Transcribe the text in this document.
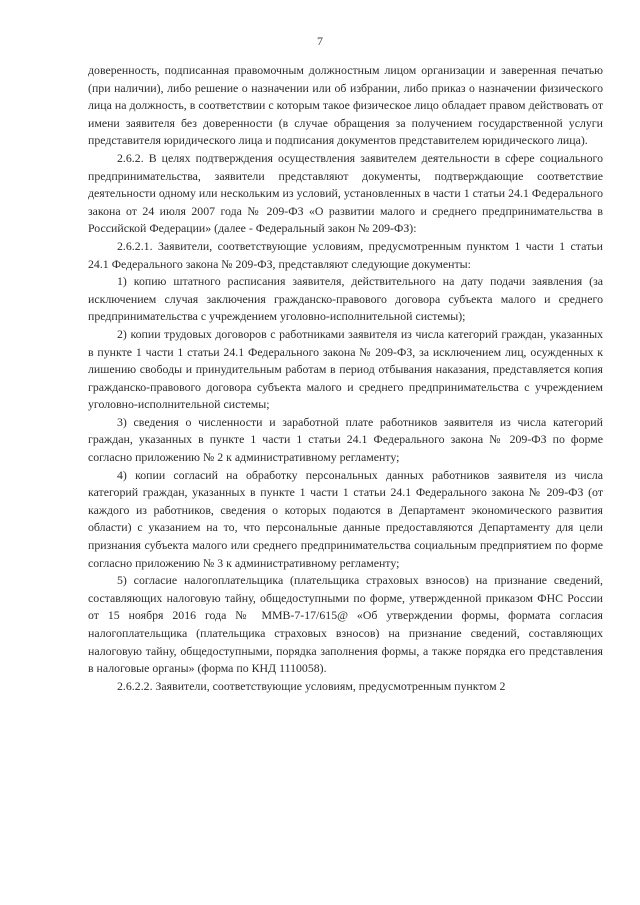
7

доверенность, подписанная правомочным должностным лицом организации и заверенная печатью (при наличии), либо решение о назначении или об избрании, либо приказ о назначении физического лица на должность, в соответствии с которым такое физическое лицо обладает правом действовать от имени заявителя без доверенности (в случае обращения за получением государственной услуги представителя юридического лица и подписания документов представителем юридического лица).

2.6.2. В целях подтверждения осуществления заявителем деятельности в сфере социального предпринимательства, заявители представляют документы, подтверждающие соответствие деятельности одному или нескольким из условий, установленных в части 1 статьи 24.1 Федерального закона от 24 июля 2007 года № 209-ФЗ «О развитии малого и среднего предпринимательства в Российской Федерации» (далее - Федеральный закон № 209-ФЗ):

2.6.2.1. Заявители, соответствующие условиям, предусмотренным пунктом 1 части 1 статьи 24.1 Федерального закона № 209-ФЗ, представляют следующие документы:

1) копию штатного расписания заявителя, действительного на дату подачи заявления (за исключением случая заключения гражданско-правового договора субъекта малого и среднего предпринимательства с учреждением уголовно-исполнительной системы);

2) копии трудовых договоров с работниками заявителя из числа категорий граждан, указанных в пункте 1 части 1 статьи 24.1 Федерального закона № 209-ФЗ, за исключением лиц, осужденных к лишению свободы и принудительным работам в период отбывания наказания, представляется копия гражданско-правового договора субъекта малого и среднего предпринимательства с учреждением уголовно-исполнительной системы;

3) сведения о численности и заработной плате работников заявителя из числа категорий граждан, указанных в пункте 1 части 1 статьи 24.1 Федерального закона № 209-ФЗ по форме согласно приложению № 2 к административному регламенту;

4) копии согласий на обработку персональных данных работников заявителя из числа категорий граждан, указанных в пункте 1 части 1 статьи 24.1 Федерального закона № 209-ФЗ (от каждого из работников, сведения о которых подаются в Департамент экономического развития области) с указанием на то, что персональные данные предоставляются Департаменту для цели признания субъекта малого или среднего предпринимательства социальным предприятием по форме согласно приложению № 3 к административному регламенту;

5) согласие налогоплательщика (плательщика страховых взносов) на признание сведений, составляющих налоговую тайну, общедоступными по форме, утвержденной приказом ФНС России от 15 ноября 2016 года № ММВ-7-17/615@ «Об утверждении формы, формата согласия налогоплательщика (плательщика страховых взносов) на признание сведений, составляющих налоговую тайну, общедоступными, порядка заполнения формы, а также порядка его представления в налоговые органы» (форма по КНД 1110058).

2.6.2.2. Заявители, соответствующие условиям, предусмотренным пунктом 2
